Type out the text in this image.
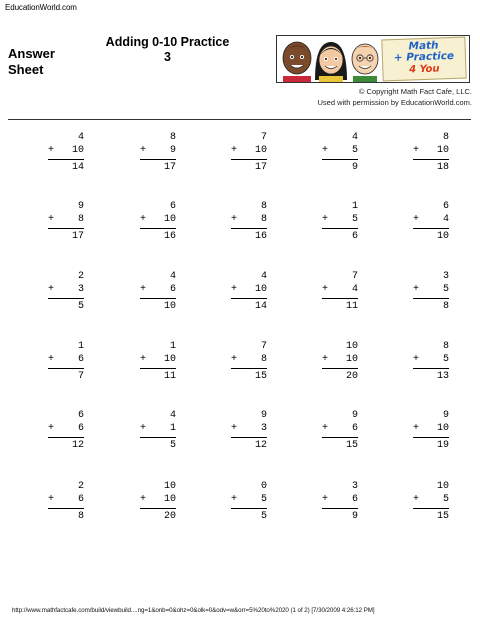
EducationWorld.com
Answer
Sheet
Adding 0-10 Practice
3
Math
+ Practice
4 You
© Copyright Math Fact Cafe, LLC.
Used with permission by EducationWorld.com.
4
+ 10
14
8
+ 9
17
7
+ 10
17
4
+ 5
9
8
+ 10
18
9
+ 8
17
6
+ 10
16
8
+ 8
16
1
+ 5
6
6
+ 4
10
2
+ 3
5
4
+ 6
10
4
+ 10
14
7
+ 4
11
3
+ 5
8
1
+ 6
7
1
+ 10
11
7
+ 8
15
10
+ 10
20
8
+ 5
13
6
+ 6
12
4
+ 1
5
9
+ 3
12
9
+ 6
15
9
+ 10
19
2
+ 6
8
10
+ 10
20
0
+ 5
5
3
+ 6
9
10
+ 5
15
http://www.mathfactcafe.com/build/viewbuild....ng=1&onb=0&ohz=0&olk=0&odv=w&orr=5%20to%2020 (1 of 2) [7/30/2009 4:26:12 PM]
